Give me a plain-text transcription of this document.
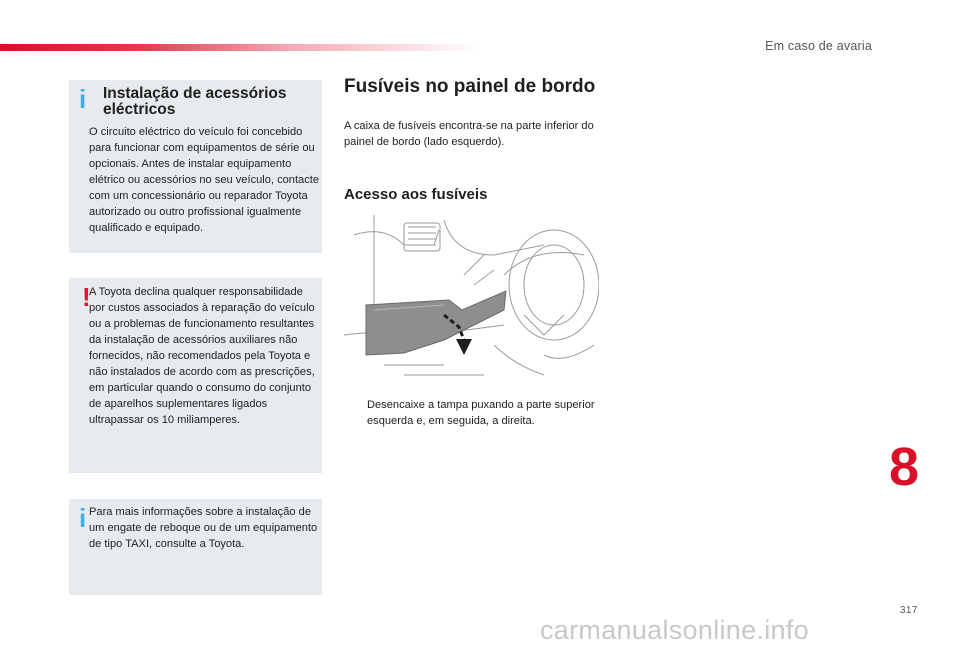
Em caso de avaria
i Instalação de acessórios eléctricos
O circuito eléctrico do veículo foi concebido para funcionar com equipamentos de série ou opcionais. Antes de instalar equipamento elétrico ou acessórios no seu veículo, contacte com um concessionário ou reparador Toyota autorizado ou outro profissional igualmente qualificado e equipado.
!
A Toyota declina qualquer responsabilidade por custos associados à reparação do veículo ou a problemas de funcionamento resultantes da instalação de acessórios auxiliares não fornecidos, não recomendados pela Toyota e não instalados de acordo com as prescrições, em particular quando o consumo do conjunto de aparelhos suplementares ligados ultrapassar os 10 miliamperes.
i Para mais informações sobre a instalação de um engate de reboque ou de um equipamento de tipo TAXI, consulte a Toyota.
Fusíveis no painel de bordo
A caixa de fusíveis encontra-se na parte inferior do painel de bordo (lado esquerdo).
Acesso aos fusíveis
Desencaixe a tampa puxando a parte superior esquerda e, em seguida, a direita.
8
317
carmanualsonline.info
